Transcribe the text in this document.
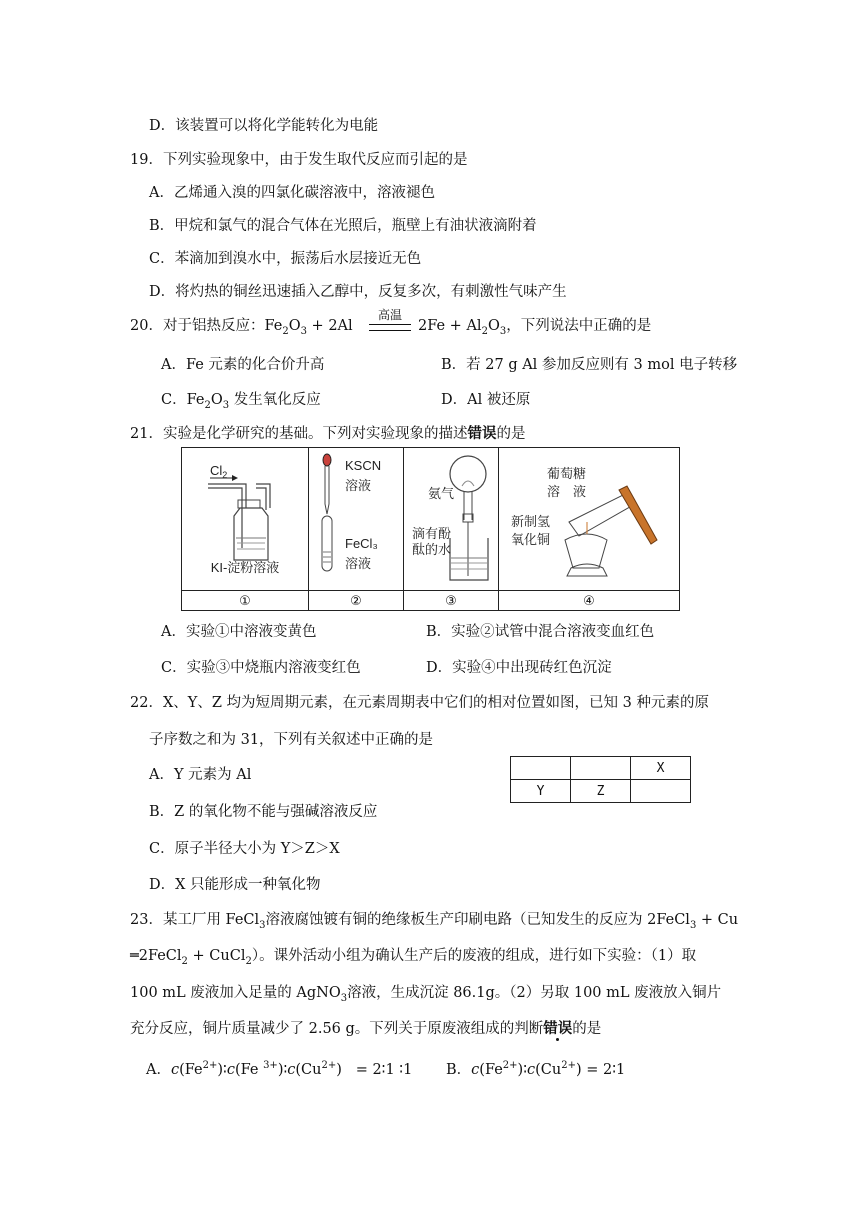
D．该装置可以将化学能转化为电能
19．下列实验现象中，由于发生取代反应而引起的是
A．乙烯通入溴的四氯化碳溶液中，溶液褪色
B．甲烷和氯气的混合气体在光照后，瓶壁上有油状液滴附着
C．苯滴加到溴水中，振荡后水层接近无色
D．将灼热的铜丝迅速插入乙醇中，反复多次，有刺激性气味产生
20．对于铝热反应：$Fe_2O_3 + 2Al$
高温
$2Fe + Al_2O_3$，下列说法中正确的是
A．Fe 元素的化合价升高	B．若 27 g Al 参加反应则有 3 mol 电子转移
C．$Fe_2O_3$ 发生氧化反应	D．Al 被还原
21．实验是化学研究的基础。下列对实验现象的描述错误的是
$Cl_2$
KI-淀粉溶液	KSCN
溶液
FeCl₃
溶液	氨气
滴有酚
酞的水	葡萄糖
溶　液
新制氢
氧化铜

①	②	③	④
A．实验①中溶液变黄色	B．实验②试管中混合溶液变血红色
C．实验③中烧瓶内溶液变红色	D．实验④中出现砖红色沉淀
22．X、Y、Z 均为短周期元素，在元素周期表中它们的相对位置如图，已知 3 种元素的原
子序数之和为 31，下列有关叙述中正确的是
A．Y 元素为 Al
B．Z 的氧化物不能与强碱溶液反应
C．原子半径大小为 Y＞Z＞X
D．X 只能形成一种氧化物
		X
Y	Z	
23．某工厂用 FeCl$_3$溶液腐蚀镀有铜的绝缘板生产印刷电路（已知发生的反应为 2FeCl$_3$ + Cu
═2FeCl$_2$ + CuCl$_2$）。课外活动小组为确认生产后的废液的组成，进行如下实验：（1）取
100 mL 废液加入足量的 AgNO$_3$溶液，生成沉淀 86.1g。（2）另取 100 mL 废液放入铜片
充分反应，铜片质量减少了 2.56 g。下列关于原废液组成的判断错误的是
A．$c(Fe^{2+})∶c(Fe$ $^{3+})∶c(Cu^{2+})$   = 2∶1 ∶1 B．$c(Fe^{2+})∶c(Cu^{2+})$ = 2∶1
